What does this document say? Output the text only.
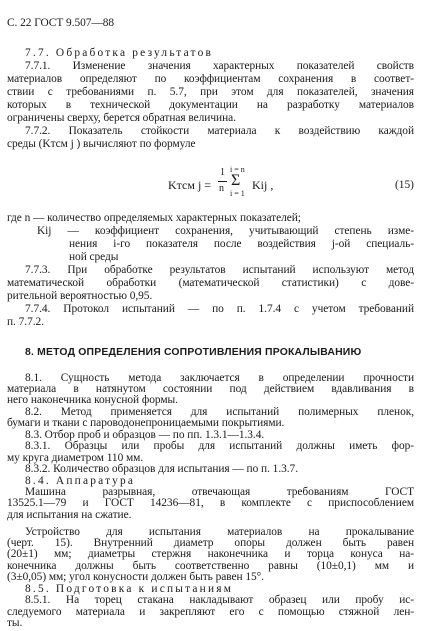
С. 22 ГОСТ 9.507—88
7.7. Обработка результатов
7.7.1. Изменение значения характерных показателей свойств
материалов определяют по коэффициентам сохранения в соответ-
ствии с требованиями п. 5.7, при этом для показателей, значения
которых в технической документации на разработку материалов
ограничены сверху, берется обратная величина.
7.7.2. Показатель стойкости материала к воздействию каждой
среды (Kтсм j ) вычисляют по формуле
Kтсм j =
1
n
i = n
Σ
i = 1
Kij ,	(15)
где n — количество определяемых характерных показателей;
Kij — коэффициент сохранения, учитывающий степень изме-
нения i-го показателя после воздействия j-ой специаль-
ной среды
7.7.3. При обработке результатов испытаний используют метод
математической обработки (математической статистики) с дове-
рительной вероятностью 0,95.
7.7.4. Протокол испытаний — по п. 1.7.4 с учетом требований
п. 7.7.2.
8. МЕТОД ОПРЕДЕЛЕНИЯ СОПРОТИВЛЕНИЯ ПРОКАЛЫВАНИЮ
8.1. Сущность метода заключается в определении прочности
материала в натянутом состоянии под действием вдавливания в
него наконечника конусной формы.
8.2. Метод применяется для испытаний полимерных пленок,
бумаги и ткани с пароводонепроницаемыми покрытиями.
8.3. Отбор проб и образцов — по пп. 1.3.1—1.3.4.
8.3.1. Образцы или пробы для испытаний должны иметь фор-
му круга диаметром 110 мм.
8.3.2. Количество образцов для испытания — по п. 1.3.7.
8.4. Аппаратура
Машина разрывная, отвечающая требованиям ГОСТ
13525.1—79 и ГОСТ 14236—81, в комплекте с приспособлением
для испытания на сжатие.
Устройство для испытания материалов на прокалывание
(черт. 15). Внутренний диаметр опоры должен быть равен
(20±1) мм; диаметры стержня наконечника и торца конуса на-
конечника должны быть соответственно равны (10±0,1) мм и
(3±0,05) мм; угол конусности должен быть равен 15°.
8.5. Подготовка к испытаниям
8.5.1. На торец стакана накладывают образец или пробу ис-
следуемого материала и закрепляют его с помощью стяжной лен-
ты.
